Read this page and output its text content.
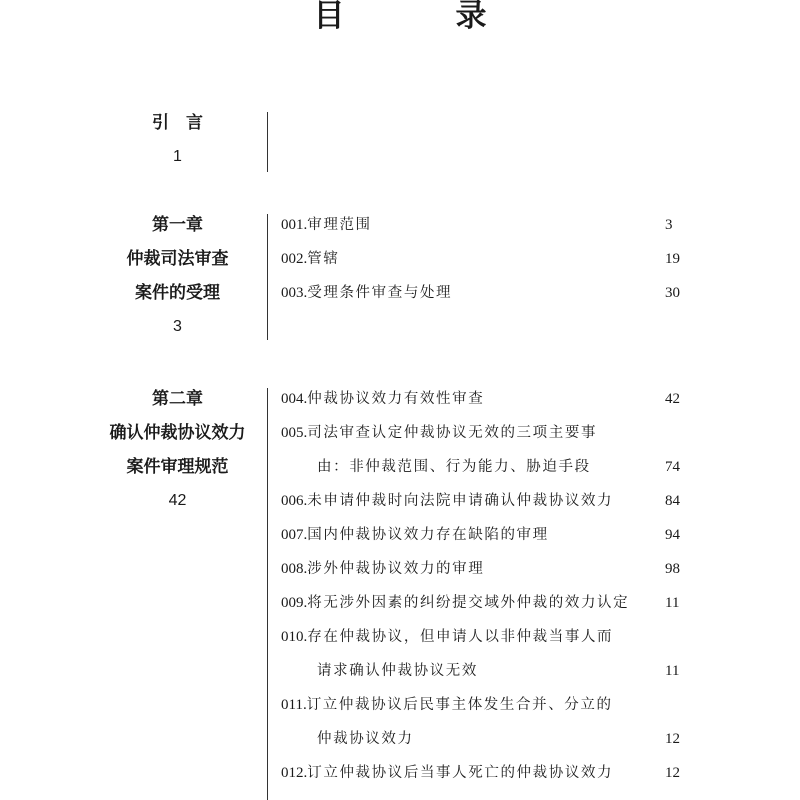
目　录
引　言
1
第一章
仲裁司法审查
案件的受理
3
001.审理范围	3
002.管辖	19
003.受理条件审查与处理	30
第二章
确认仲裁协议效力
案件审理规范
42
004.仲裁协议效力有效性审查	42
005.司法审查认定仲裁协议无效的三项主要事
由：非仲裁范围、行为能力、胁迫手段	74
006.未申请仲裁时向法院申请确认仲裁协议效力	84
007.国内仲裁协议效力存在缺陷的审理	94
008.涉外仲裁协议效力的审理	98
009.将无涉外因素的纠纷提交域外仲裁的效力认定 11
010.存在仲裁协议，但申请人以非仲裁当事人而
请求确认仲裁协议无效	11
011.订立仲裁协议后民事主体发生合并、分立的
仲裁协议效力	12
012.订立仲裁协议后当事人死亡的仲裁协议效力	12
